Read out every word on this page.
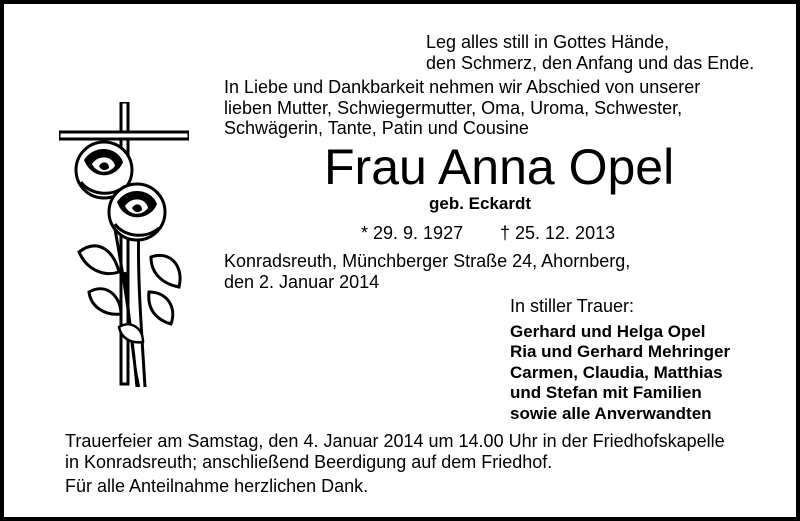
Leg alles still in Gottes Hände,
den Schmerz, den Anfang und das Ende.
In Liebe und Dankbarkeit nehmen wir Abschied von unserer
lieben Mutter, Schwiegermutter, Oma, Uroma, Schwester,
Schwägerin, Tante, Patin und Cousine
Frau Anna Opel
geb. Eckardt
* 29. 9. 1927 † 25. 12. 2013
Konradsreuth, Münchberger Straße 24, Ahornberg,
den 2. Januar 2014
In stiller Trauer:
Gerhard und Helga Opel
Ria und Gerhard Mehringer
Carmen, Claudia, Matthias
und Stefan mit Familien
sowie alle Anverwandten
Trauerfeier am Samstag, den 4. Januar 2014 um 14.00 Uhr in der Friedhofskapelle
in Konradsreuth; anschließend Beerdigung auf dem Friedhof.
Für alle Anteilnahme herzlichen Dank.
